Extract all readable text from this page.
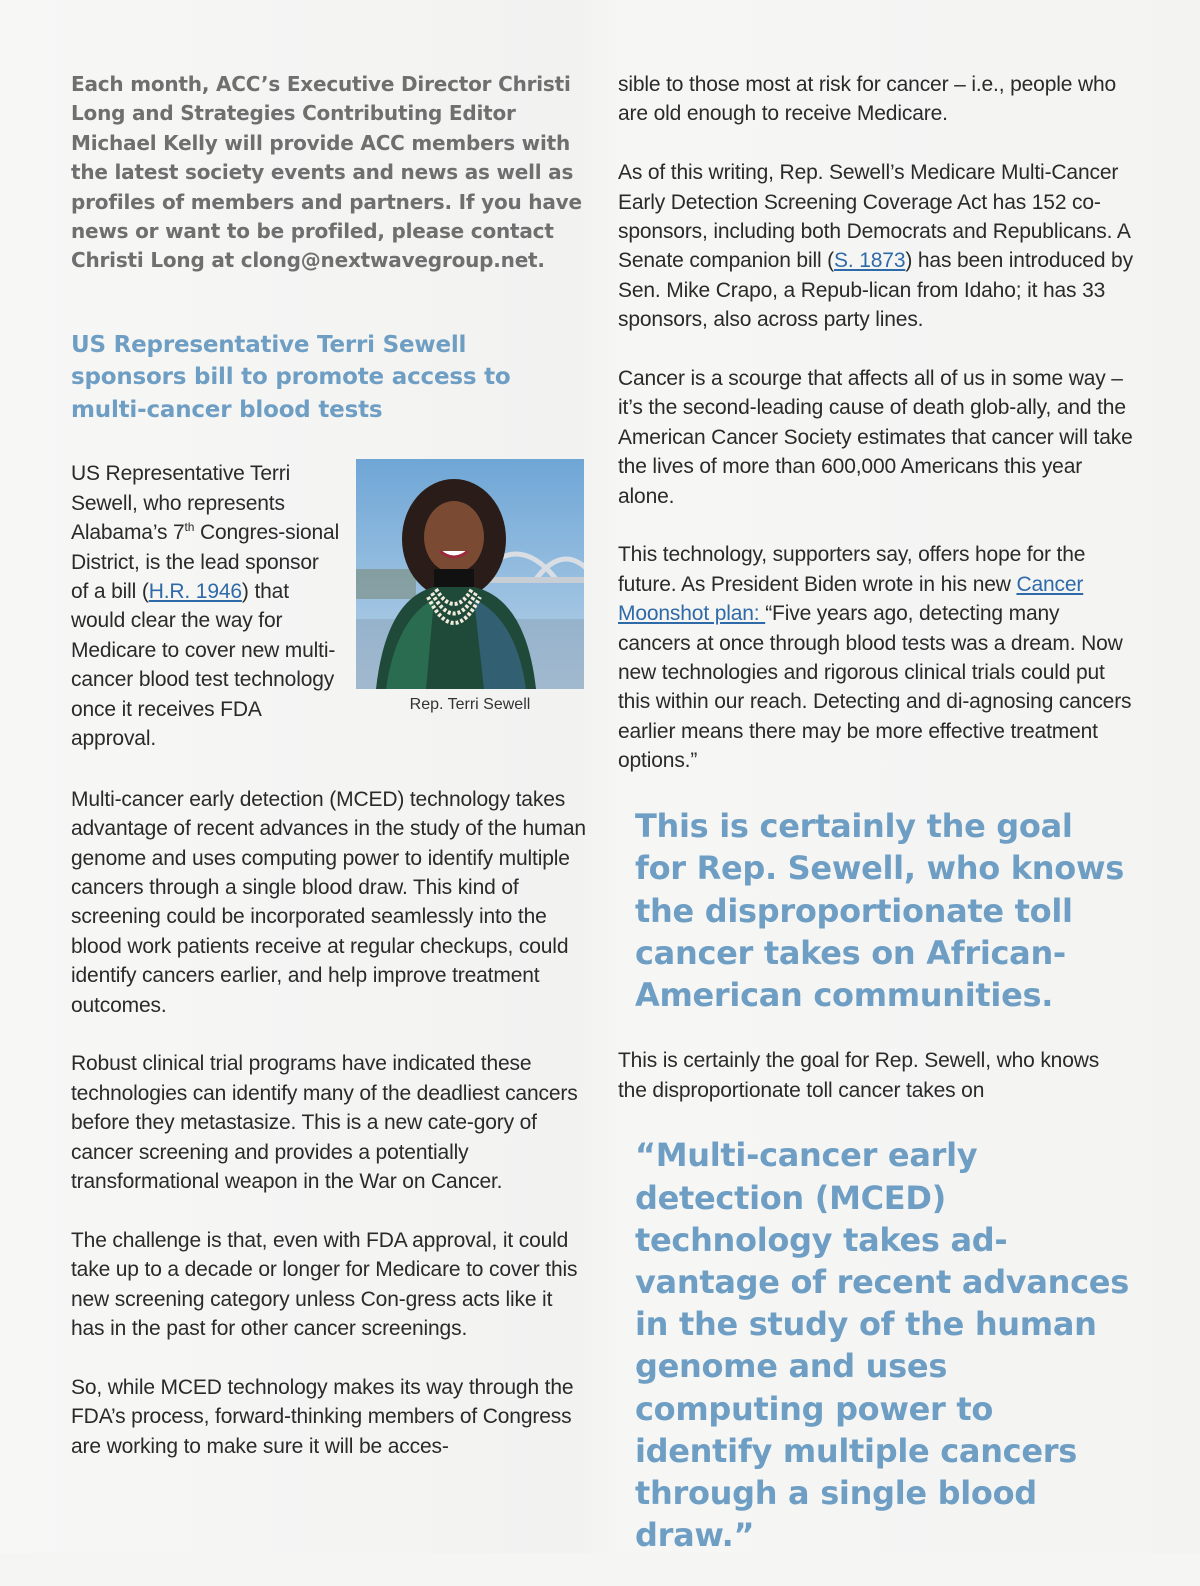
Each month, ACC’s Executive Director Christi Long and Strategies Contributing Editor Michael Kelly will provide ACC members with the latest society events and news as well as profiles of members and partners. If you have news or want to be profiled, please contact Christi Long at clong@nextwavegroup.net.

US Representative Terri Sewell sponsors bill to promote access to multi-cancer blood tests

US Representative Terri Sewell, who represents Alabama’s 7th Congres-sional District, is the lead sponsor of a bill (H.R. 1946) that would clear the way for Medicare to cover new multi-cancer blood test technology once it receives FDA approval.

Rep. Terri Sewell

Multi-cancer early detection (MCED) technology takes advantage of recent advances in the study of the human genome and uses computing power to identify multiple cancers through a single blood draw. This kind of screening could be incorporated seamlessly into the blood work patients receive at regular checkups, could identify cancers earlier, and help improve treatment outcomes.

Robust clinical trial programs have indicated these technologies can identify many of the deadliest cancers before they metastasize. This is a new cate-gory of cancer screening and provides a potentially transformational weapon in the War on Cancer.

The challenge is that, even with FDA approval, it could take up to a decade or longer for Medicare to cover this new screening category unless Con-gress acts like it has in the past for other cancer screenings.

So, while MCED technology makes its way through the FDA’s process, forward-thinking members of Congress are working to make sure it will be acces-

sible to those most at risk for cancer – i.e., people who are old enough to receive Medicare.

As of this writing, Rep. Sewell’s Medicare Multi-Cancer Early Detection Screening Coverage Act has 152 co-sponsors, including both Democrats and Republicans. A Senate companion bill (S. 1873) has been introduced by Sen. Mike Crapo, a Repub-lican from Idaho; it has 33 sponsors, also across party lines.

Cancer is a scourge that affects all of us in some way – it’s the second-leading cause of death glob-ally, and the American Cancer Society estimates that cancer will take the lives of more than 600,000 Americans this year alone.

This technology, supporters say, offers hope for the future. As President Biden wrote in his new Cancer Moonshot plan: “Five years ago, detecting many cancers at once through blood tests was a dream. Now new technologies and rigorous clinical trials could put this within our reach. Detecting and di-agnosing cancers earlier means there may be more effective treatment options.”

This is certainly the goal for Rep. Sewell, who knows the disproportionate toll cancer takes on African-American communities.

This is certainly the goal for Rep. Sewell, who knows the disproportionate toll cancer takes on

“Multi-cancer early detection (MCED) technology takes ad-vantage of recent advances in the study of the human genome and uses computing power to identify multiple cancers through a single blood draw.”
